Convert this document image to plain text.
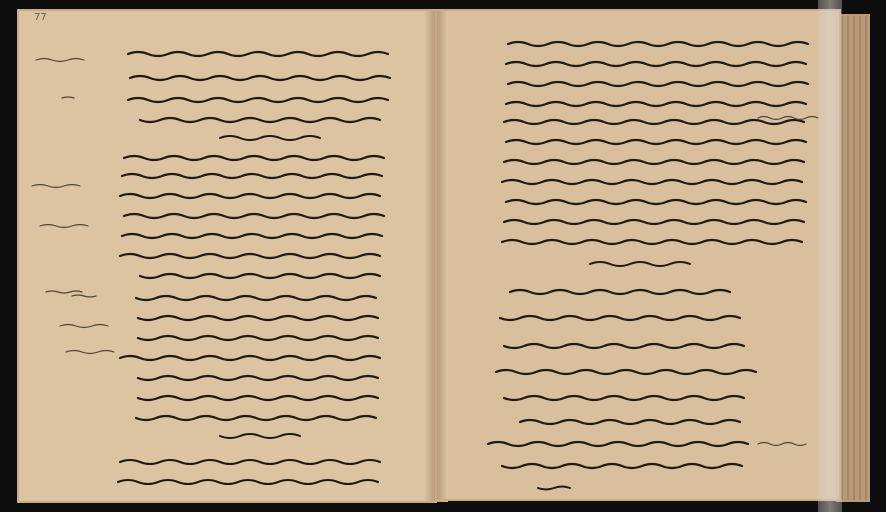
77
